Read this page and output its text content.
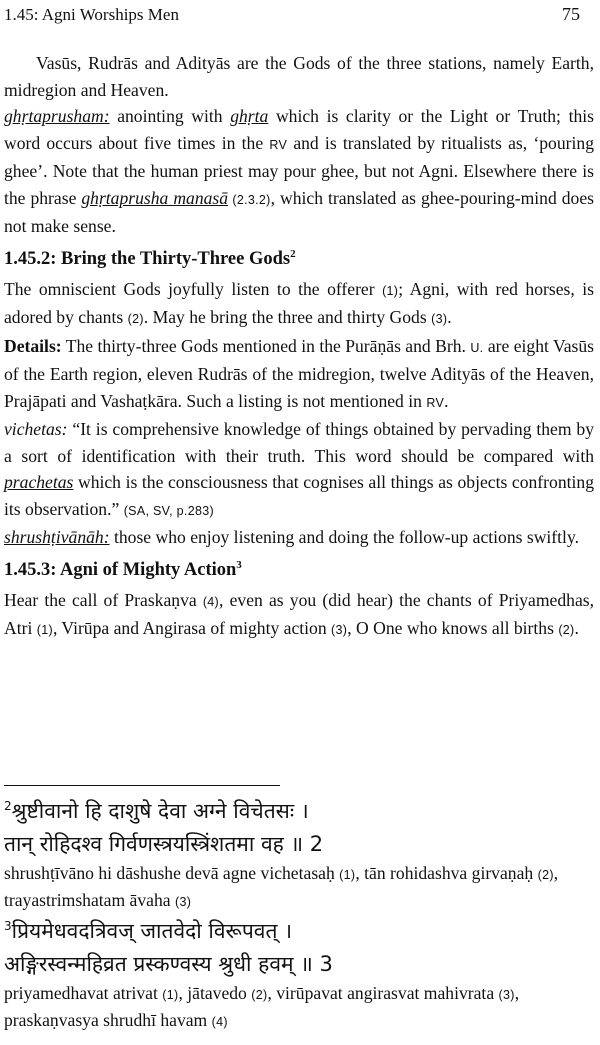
1.45: Agni Worships Men	75

Vasūs, Rudrās and Adityās are the Gods of the three stations, namely Earth, midregion and Heaven.

ghṛtaprusham: anointing with ghṛta which is clarity or the Light or Truth; this word occurs about five times in the RV and is translated by ritualists as, ‘pouring ghee’. Note that the human priest may pour ghee, but not Agni. Elsewhere there is the phrase ghṛtaprusha manasā (2.3.2), which translated as ghee-pouring-mind does not make sense.

1.45.2: Bring the Thirty-Three Gods$^2$

The omniscient Gods joyfully listen to the offerer (1); Agni, with red horses, is adored by chants (2). May he bring the three and thirty Gods (3).

Details: The thirty-three Gods mentioned in the Purāṇās and Brh. U. are eight Vasūs of the Earth region, eleven Rudrās of the midregion, twelve Adityās of the Heaven, Prajāpati and Vashaṭkāra. Such a listing is not mentioned in RV.

vichetas: “It is comprehensive knowledge of things obtained by pervading them by a sort of identification with their truth. This word should be compared with prachetas which is the consciousness that cognises all things as objects confronting its observation.” (SA, SV, p.283)

shrushṭivānāh: those who enjoy listening and doing the follow-up actions swiftly.

1.45.3: Agni of Mighty Action$^3$

Hear the call of Praskaṇva (4), even as you (did hear) the chants of Priyamedhas, Atri (1), Virūpa and Angirasa of mighty action (3), O One who knows all births (2).

$^2$श्रुष्टीवानो हि दाशुषे देवा अग्ने विचेतसः ।
तान् रोहिदश्व गिर्वणस्त्रयस्त्रिंशतमा वह ॥ 2

shrushṭīvāno hi dāshushe devā agne vichetasaḥ (1), tān rohidashva girvaṇaḥ (2), trayastrimshatam āvaha (3)

$^3$प्रियमेधवदत्रिवज् जातवेदो विरूपवत् ।
अङ्गिरस्वन्महिव्रत प्रस्कण्वस्य श्रुधी हवम् ॥ 3

priyamedhavat atrivat (1), jātavedo (2), virūpavat angirasvat mahivrata (3), praskaṇvasya shrudhī havam (4)
